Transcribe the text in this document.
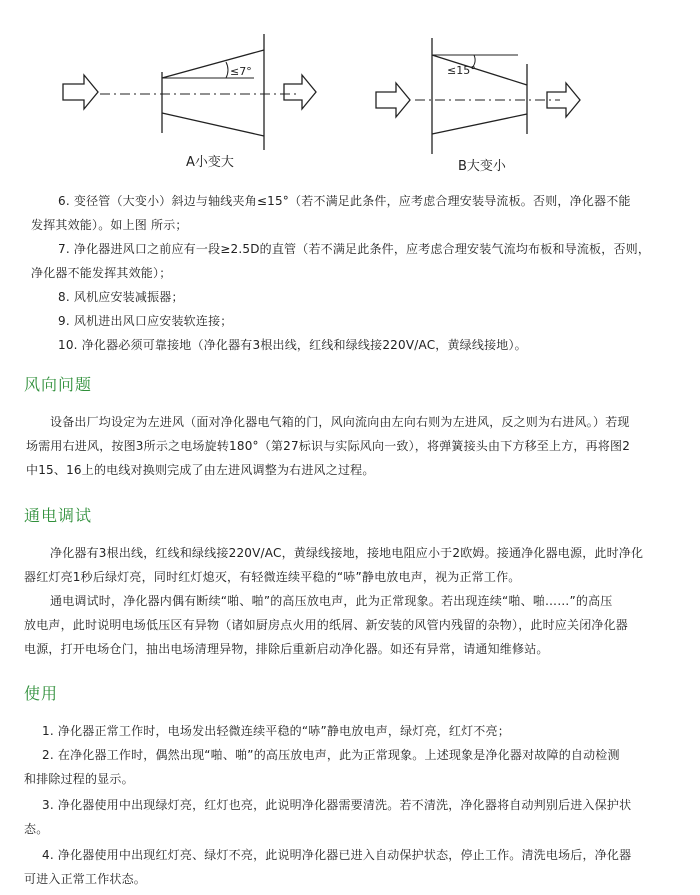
≤7°
A小变大
≤15°
B大变小
6. 变径管（大变小）斜边与轴线夹角≤15°（若不满足此条件，应考虑合理安装导流板。否则，净化器不能
发挥其效能）。如上图 所示；
7. 净化器进风口之前应有一段≥2.5D的直管（若不满足此条件，应考虑合理安装气流均布板和导流板，否则，
净化器不能发挥其效能）；
8. 风机应安装减振器；
9. 风机进出风口应安装软连接；
10. 净化器必须可靠接地（净化器有3根出线，红线和绿线接220V/AC，黄绿线接地）。
风向问题
设备出厂均设定为左进风（面对净化器电气箱的门，风向流向由左向右则为左进风，反之则为右进风。）若现
场需用右进风，按图3所示之电场旋转180°（第27标识与实际风向一致），将弹簧接头由下方移至上方，再将图2
中15、16上的电线对换则完成了由左进风调整为右进风之过程。
通电调试
净化器有3根出线，红线和绿线接220V/AC，黄绿线接地，接地电阻应小于2欧姆。接通净化器电源，此时净化
器红灯亮1秒后绿灯亮，同时红灯熄灭，有轻微连续平稳的“哧”静电放电声，视为正常工作。
通电调试时，净化器内偶有断续“啪、啪”的高压放电声，此为正常现象。若出现连续“啪、啪……”的高压
放电声，此时说明电场低压区有异物（诸如厨房点火用的纸屑、新安装的风管内残留的杂物），此时应关闭净化器
电源，打开电场仓门，抽出电场清理异物，排除后重新启动净化器。如还有异常，请通知维修站。
使用
1. 净化器正常工作时，电场发出轻微连续平稳的“哧”静电放电声，绿灯亮，红灯不亮；
2. 在净化器工作时，偶然出现“啪、啪”的高压放电声，此为正常现象。上述现象是净化器对故障的自动检测
和排除过程的显示。
3. 净化器使用中出现绿灯亮，红灯也亮，此说明净化器需要清洗。若不清洗，净化器将自动判别后进入保护状
态。
4. 净化器使用中出现红灯亮、绿灯不亮，此说明净化器已进入自动保护状态，停止工作。清洗电场后，净化器
可进入正常工作状态。
